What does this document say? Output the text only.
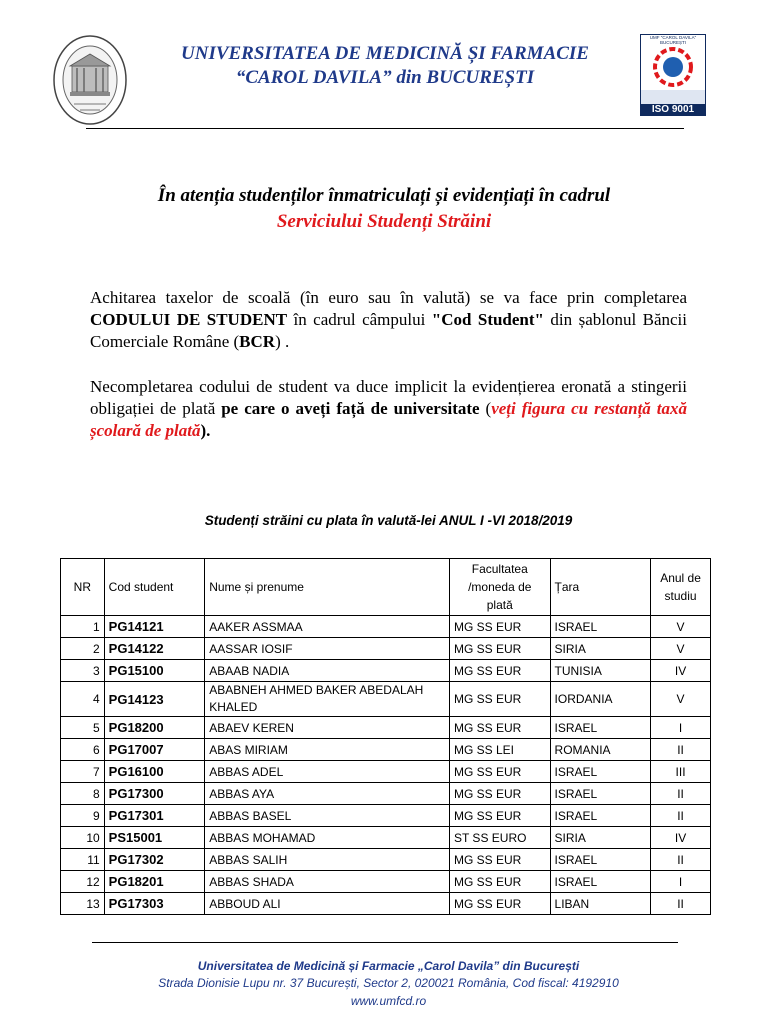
UNIVERSITATEA DE MEDICINĂ ȘI FARMACIE
“CAROL DAVILA” din BUCUREȘTI
UMF "CAROL DAVILA" BUCUREȘTI
ISO 9001
În atenția studenților înmatriculați și evidențiați în cadrul
Serviciului Studenți Străini
Achitarea taxelor de scoală (în euro sau în valută) se va face prin completarea CODULUI DE STUDENT în cadrul câmpului "Cod Student" din șablonul Băncii Comerciale Române (BCR) .
Necompletarea codului de student va duce implicit la evidențierea eronată a stingerii obligației de plată pe care o aveți față de universitate (veți figura cu restanță taxă școlară de plată).
Studenți străini cu plata în valută-lei ANUL I -VI 2018/2019
NR	Cod student	Nume și prenume	Facultatea /moneda de plată	Țara	Anul de studiu
1	PG14121	AAKER ASSMAA	MG SS EUR	ISRAEL	V
2	PG14122	AASSAR IOSIF	MG SS EUR	SIRIA	V
3	PG15100	ABAAB NADIA	MG SS EUR	TUNISIA	IV
4	PG14123	ABABNEH AHMED BAKER ABEDALAH KHALED	MG SS EUR	IORDANIA	V
5	PG18200	ABAEV KEREN	MG SS EUR	ISRAEL	I
6	PG17007	ABAS MIRIAM	MG SS LEI	ROMANIA	II
7	PG16100	ABBAS ADEL	MG SS EUR	ISRAEL	III
8	PG17300	ABBAS AYA	MG SS EUR	ISRAEL	II
9	PG17301	ABBAS BASEL	MG SS EUR	ISRAEL	II
10	PS15001	ABBAS MOHAMAD	ST SS EURO	SIRIA	IV
11	PG17302	ABBAS SALIH	MG SS EUR	ISRAEL	II
12	PG18201	ABBAS SHADA	MG SS EUR	ISRAEL	I
13	PG17303	ABBOUD ALI	MG SS EUR	LIBAN	II
Universitatea de Medicină și Farmacie „Carol Davila” din București
Strada Dionisie Lupu nr. 37 București, Sector 2, 020021 România, Cod fiscal: 4192910
www.umfcd.ro
